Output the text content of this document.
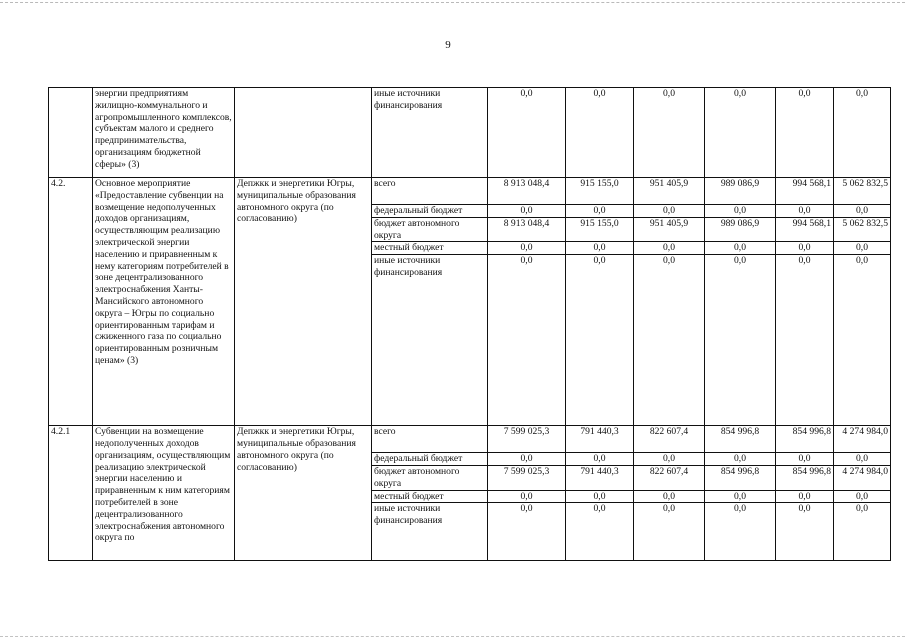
9
	энергии предприятиям жилищно-коммунального и агропромышленного комплексов, субъектам малого и среднего предпринимательства, организациям бюджетной сферы» (3)		иные источники финансирования	0,0	0,0	0,0	0,0	0,0	0,0
4.2.	Основное мероприятие «Предоставление субвенции на возмещение недополученных доходов организациям, осуществляющим реализацию электрической энергии населению и приравненным к нему категориям потребителей в зоне децентрализованного электроснабжения Ханты-Мансийского автономного округа – Югры по социально ориентированным тарифам и сжиженного газа по социально ориентированным розничным ценам» (3)	Депжкк и энергетики Югры, муниципальные образования автономного округа (по согласованию)	всего	8 913 048,4	915 155,0	951 405,9	989 086,9	994 568,1	5 062 832,5
			федеральный бюджет	0,0	0,0	0,0	0,0	0,0	0,0
			бюджет автономного округа	8 913 048,4	915 155,0	951 405,9	989 086,9	994 568,1	5 062 832,5
			местный бюджет	0,0	0,0	0,0	0,0	0,0	0,0
			иные источники финансирования	0,0	0,0	0,0	0,0	0,0	0,0
4.2.1	Субвенции на возмещение недополученных доходов организациям, осуществляющим реализацию электрической энергии населению и приравненным к ним категориям потребителей в зоне децентрализованного электроснабжения автономного округа по	Депжкк и энергетики Югры, муниципальные образования автономного округа (по согласованию)	всего	7 599 025,3	791 440,3	822 607,4	854 996,8	854 996,8	4 274 984,0
			федеральный бюджет	0,0	0,0	0,0	0,0	0,0	0,0
			бюджет автономного округа	7 599 025,3	791 440,3	822 607,4	854 996,8	854 996,8	4 274 984,0
			местный бюджет	0,0	0,0	0,0	0,0	0,0	0,0
			иные источники финансирования	0,0	0,0	0,0	0,0	0,0	0,0
